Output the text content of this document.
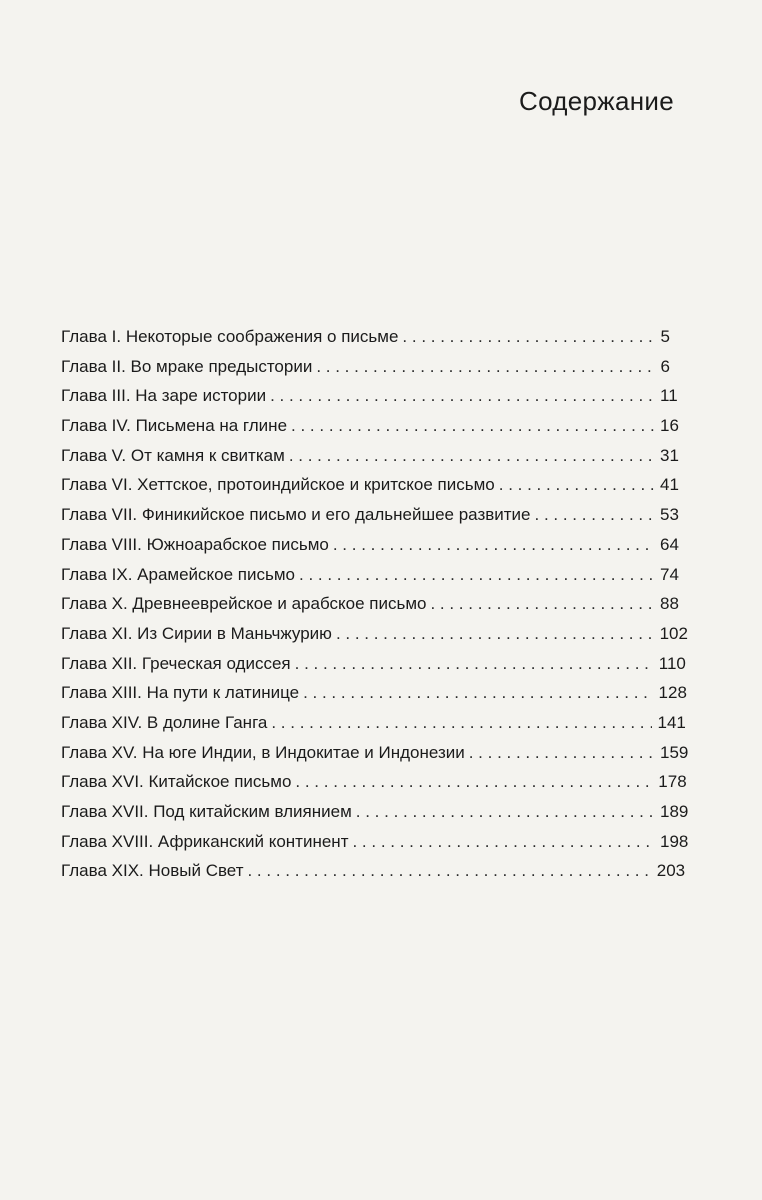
Содержание
Глава I. Некоторые соображения о письме . . .	5
Глава II. Во мраке предыстории . . .	6
Глава III. На заре истории . . .	11
Глава IV. Письмена на глине . . .	16
Глава V. От камня к свиткам . . .	31
Глава VI. Хеттское, протоиндийское и критское письмо . . .	41
Глава VII. Финикийское письмо и его дальнейшее развитие . . .	53
Глава VIII. Южноарабское письмо . . .	64
Глава IX. Арамейское письмо . . .	74
Глава X. Древнееврейское и арабское письмо . . .	88
Глава XI. Из Сирии в Маньчжурию . . .	102
Глава XII. Греческая одиссея . . .	110
Глава XIII. На пути к латинице . . .	128
Глава XIV. В долине Ганга . . .	141
Глава XV. На юге Индии, в Индокитае и Индонезии . . .	159
Глава XVI. Китайское письмо . . .	178
Глава XVII. Под китайским влиянием . . .	189
Глава XVIII. Африканский континент . . .	198
Глава XIX. Новый Свет . . .	203
